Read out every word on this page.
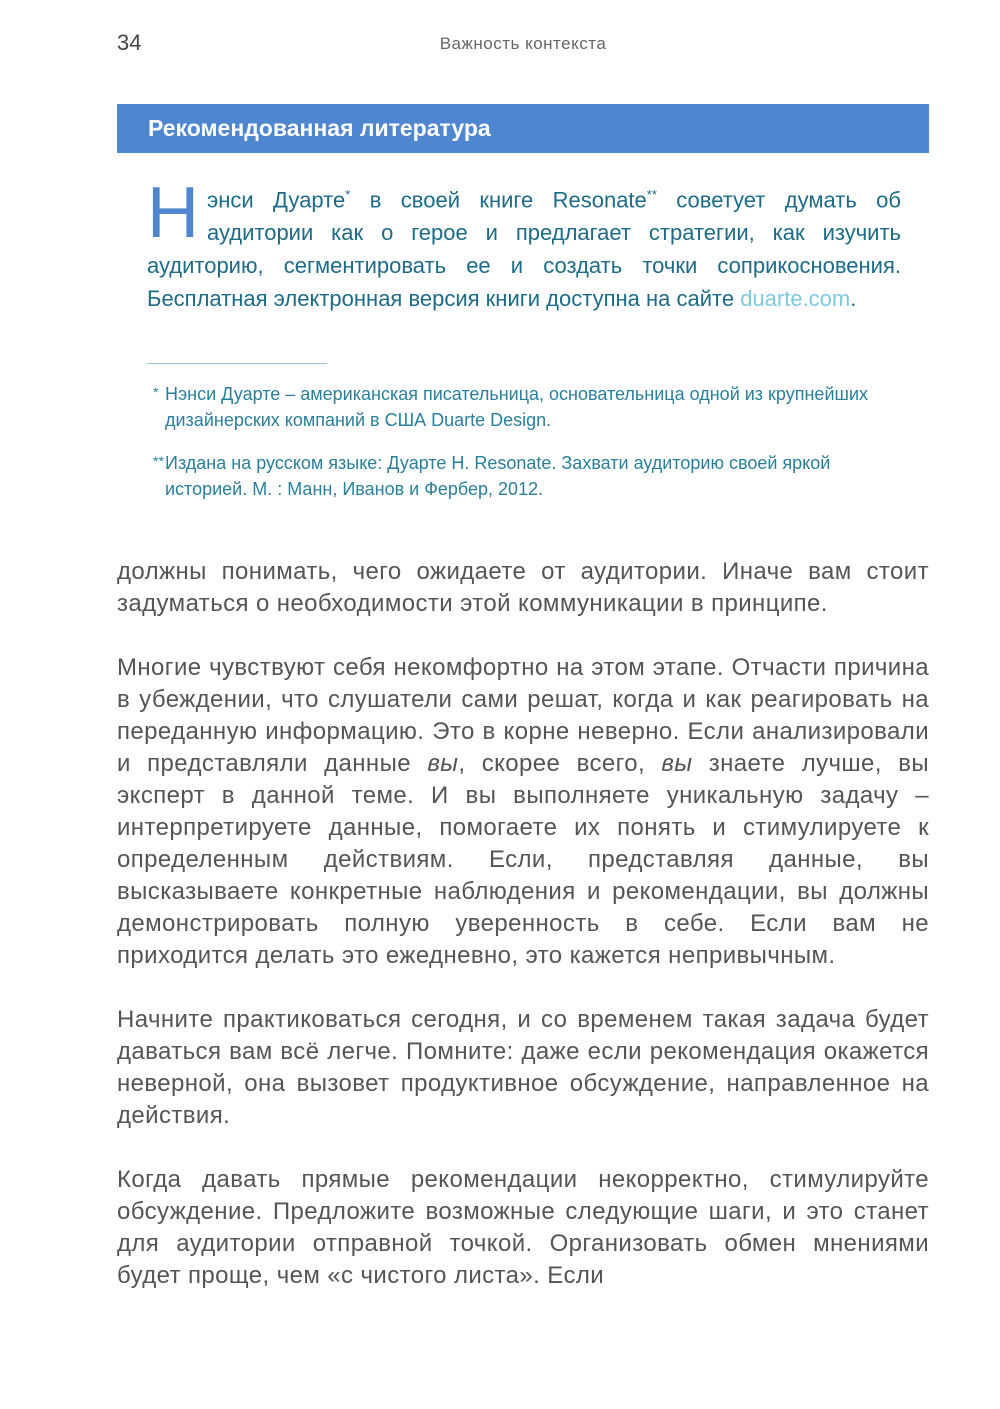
34	Важность контекста
Рекомендованная литература
Нэнси Дуарте* в своей книге Resonate** советует думать об аудитории как о герое и предлагает стратегии, как изучить аудиторию, сегментировать ее и создать точки соприкосновения. Бесплатная электронная версия книги доступна на сайте duarte.com.
* Нэнси Дуарте – американская писательница, основательница одной из крупнейших дизайнерских компаний в США Duarte Design.
** Издана на русском языке: Дуарте Н. Resonate. Захвати аудиторию своей яркой историей. М. : Манн, Иванов и Фербер, 2012.

должны понимать, чего ожидаете от аудитории. Иначе вам стоит задуматься о необходимости этой коммуникации в принципе.

Многие чувствуют себя некомфортно на этом этапе. Отчасти причина в убеждении, что слушатели сами решат, когда и как реагировать на переданную информацию. Это в корне неверно. Если анализировали и представляли данные вы, скорее всего, вы знаете лучше, вы эксперт в данной теме. И вы выполняете уникальную задачу – интерпретируете данные, помогаете их понять и стимулируете к определенным действиям. Если, представляя данные, вы высказываете конкретные наблюдения и рекомендации, вы должны демонстрировать полную уверенность в себе. Если вам не приходится делать это ежедневно, это кажется непривычным.

Начните практиковаться сегодня, и со временем такая задача будет даваться вам всё легче. Помните: даже если рекомендация окажется неверной, она вызовет продуктивное обсуждение, направленное на действия.

Когда давать прямые рекомендации некорректно, стимулируйте обсуждение. Предложите возможные следующие шаги, и это станет для аудитории отправной точкой. Организовать обмен мнениями будет проще, чем «с чистого листа». Если
